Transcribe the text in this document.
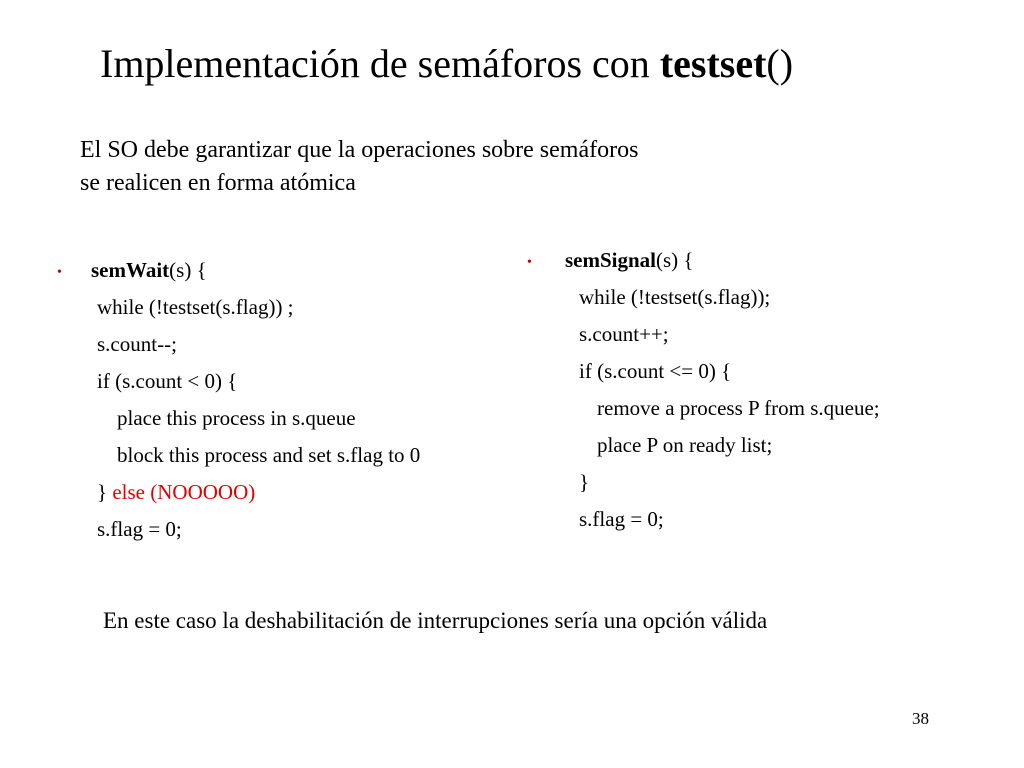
Implementación de semáforos con testset()
El SO debe garantizar que la operaciones sobre semáforos
se realicen en forma atómica
• semWait(s) {
while (!testset(s.flag)) ;
s.count--;
if (s.count < 0) {
place this process in s.queue
block this process and set s.flag to 0
} else (NOOOOO)
s.flag = 0;
• semSignal(s) {
while (!testset(s.flag));
s.count++;
if (s.count <= 0) {
remove a process P from s.queue;
place P on ready list;
}
s.flag = 0;
En este caso la deshabilitación de interrupciones sería una opción válida
38
